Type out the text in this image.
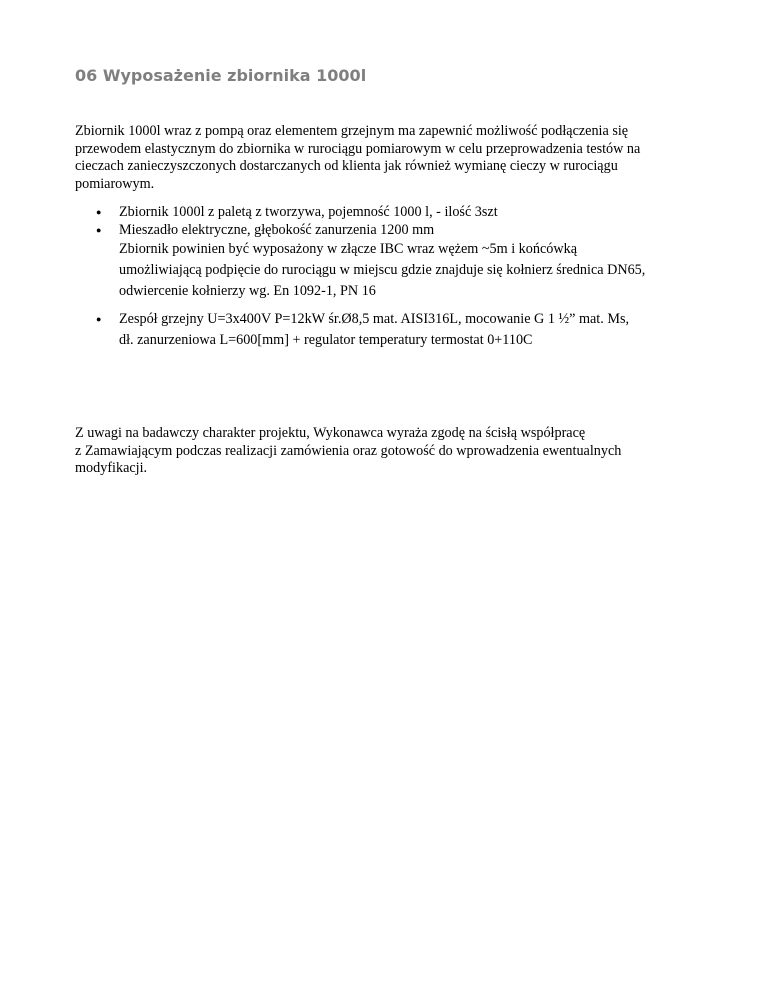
06 Wyposażenie zbiornika 1000l

Zbiornik 1000l wraz z pompą oraz elementem grzejnym ma zapewnić możliwość podłączenia się
przewodem elastycznym do zbiornika w rurociągu pomiarowym w celu przeprowadzenia testów na
cieczach zanieczyszczonych dostarczanych od klienta jak również wymianę cieczy w rurociągu
pomiarowym.

● Zbiornik 1000l z paletą z tworzywa, pojemność 1000 l, - ilość 3szt
● Mieszadło elektryczne, głębokość zanurzenia 1200 mm
Zbiornik powinien być wyposażony w złącze IBC wraz wężem ~5m i końcówką
umożliwiającą podpięcie do rurociągu w miejscu gdzie znajduje się kołnierz średnica DN65,
odwiercenie kołnierzy wg. En 1092-1, PN 16
● Zespół grzejny U=3x400V P=12kW śr.Ø8,5 mat. AISI316L, mocowanie G 1 ½” mat. Ms,
dł. zanurzeniowa L=600[mm] + regulator temperatury termostat 0+110C

Z uwagi na badawczy charakter projektu, Wykonawca wyraża zgodę na ścisłą współpracę
z Zamawiającym podczas realizacji zamówienia oraz gotowość do wprowadzenia ewentualnych
modyfikacji.
